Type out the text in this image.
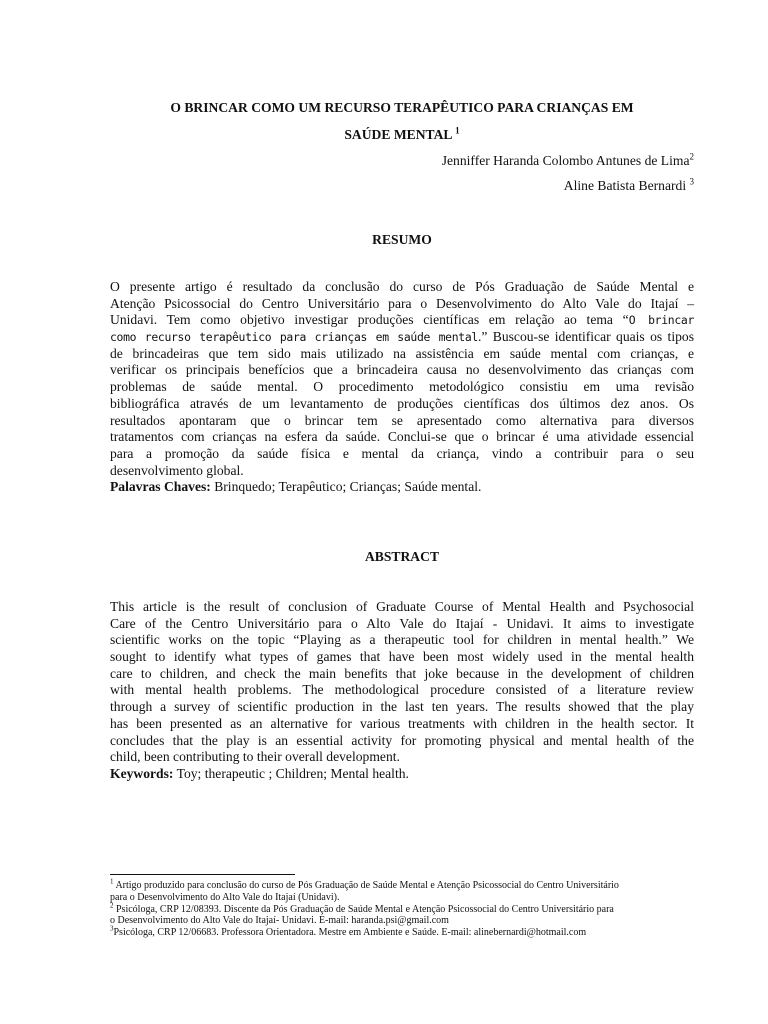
O BRINCAR COMO UM RECURSO TERAPÊUTICO PARA CRIANÇAS EM
SAÚDE MENTAL $^1$
Jenniffer Haranda Colombo Antunes de Lima$^2$
Aline Batista Bernardi $^3$
RESUMO
O presente artigo é resultado da conclusão do curso de Pós Graduação de Saúde Mental e
Atenção Psicossocial do Centro Universitário para o Desenvolvimento do Alto Vale do Itajaí –
Unidavi. Tem como objetivo investigar produções científicas em relação ao tema “O brincar
como recurso terapêutico para crianças em saúde mental.” Buscou-se identificar quais os tipos
de brincadeiras que tem sido mais utilizado na assistência em saúde mental com crianças, e
verificar os principais benefícios que a brincadeira causa no desenvolvimento das crianças com
problemas de saúde mental. O procedimento metodológico consistiu em uma revisão
bibliográfica através de um levantamento de produções científicas dos últimos dez anos. Os
resultados apontaram que o brincar tem se apresentado como alternativa para diversos
tratamentos com crianças na esfera da saúde. Conclui-se que o brincar é uma atividade essencial
para a promoção da saúde física e mental da criança, vindo a contribuir para o seu
desenvolvimento global.
Palavras Chaves: Brinquedo; Terapêutico; Crianças; Saúde mental.
ABSTRACT
This article is the result of conclusion of Graduate Course of Mental Health and Psychosocial
Care of the Centro Universitário para o Alto Vale do Itajaí - Unidavi. It aims to investigate
scientific works on the topic “Playing as a therapeutic tool for children in mental health.” We
sought to identify what types of games that have been most widely used in the mental health
care to children, and check the main benefits that joke because in the development of children
with mental health problems. The methodological procedure consisted of a literature review
through a survey of scientific production in the last ten years. The results showed that the play
has been presented as an alternative for various treatments with children in the health sector. It
concludes that the play is an essential activity for promoting physical and mental health of the
child, been contributing to their overall development.
Keywords: Toy; therapeutic ; Children; Mental health.
$^1$ Artigo produzido para conclusão do curso de Pós Graduação de Saúde Mental e Atenção Psicossocial do Centro Universitário
para o Desenvolvimento do Alto Vale do Itajaí (Unidavi).
$^2$ Psicóloga, CRP 12/08393. Discente da Pós Graduação de Saúde Mental e Atenção Psicossocial do Centro Universitário para
o Desenvolvimento do Alto Vale do Itajaí- Unidavi. E-mail: haranda.psi@gmail.com
$^3$Psicóloga, CRP 12/06683. Professora Orientadora. Mestre em Ambiente e Saúde. E-mail: alinebernardi@hotmail.com
